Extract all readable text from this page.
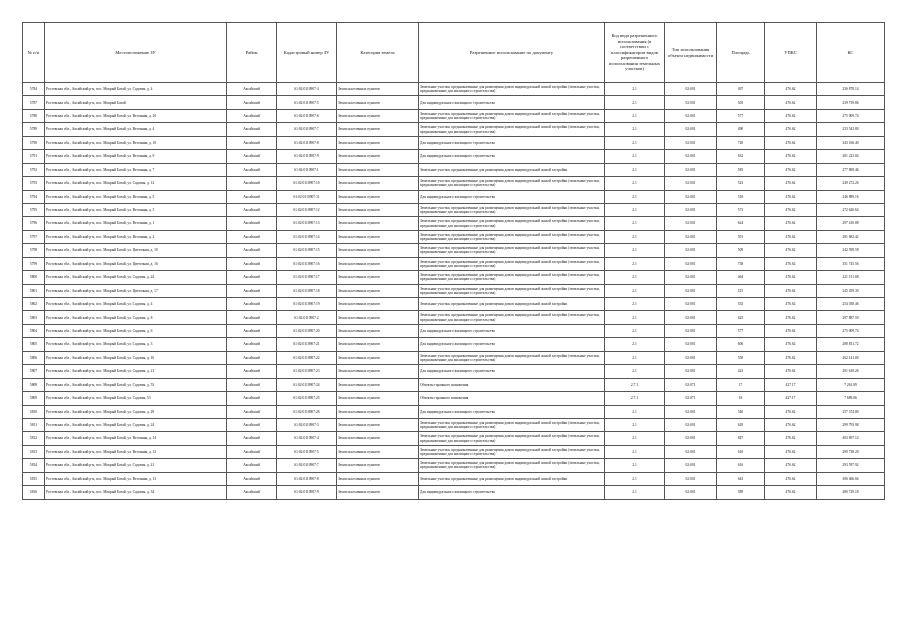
№ п/п	Местоположение ЗУ	Район	Кадастровый номер ЗУ	Категория земель	Разрешенное использование по документу	Код вида разрешенного использования (в соответствии с классификатором видов разрешенного использования земельных участков)	Тип использования объекта недвижимости	Площадь	УПКС	КС
5784	Ростовская обл., Аксайский р-н, пос. Мокрый Батай, ул. Садовая, д. 4	Аксайский	61:02:0110907:4	Земли населенных пунктов	Земельные участки, предназначенные для размещения домов индивидуальной жилой застройки (земельные участки, предназначенные для жилищного строительства)	2.1	02:001	497	476.62	236 878.14
5787	Ростовская обл., Аксайский р-н, пос. Мокрый Батай	Аксайский	61:02:0110907:5	Земли населенных пунктов	Для индивидуального жилищного строительства	2.1	02:001	503	476.62	239 739.86
5788	Ростовская обл., Аксайский р-н, пос. Мокрый Батай, ул. Весенняя, д. 2б	Аксайский	61:02:0110907:6	Земли населенных пунктов	Земельные участки, предназначенные для размещения домов индивидуальной жилой застройки (земельные участки, предназначенные для жилищного строительства)	2.1	02:001	577	476.62	275 009.74
5789	Ростовская обл., Аксайский р-н, пос. Мокрый Батай, ул. Весенняя, д. 4	Аксайский	61:02:0110907:7	Земли населенных пунктов	Земельные участки, предназначенные для размещения домов индивидуальной жилой застройки (земельные участки, предназначенные для жилищного строительства)	2.1	02:001	490	476.62	233 543.80
5790	Ростовская обл., Аксайский р-н, пос. Мокрый Батай, ул. Весенняя, д. 10	Аксайский	61:02:0110907:8	Земли населенных пунктов	Для индивидуального жилищного строительства	2.1	02:001	720	476.62	343 166.40
5791	Ростовская обл., Аксайский р-н, пос. Мокрый Батай, ул. Весенняя, д. 9	Аксайский	61:02:0110907:9	Земли населенных пунктов	Для индивидуального жилищного строительства	2.1	02:001	632	476.62	301 223.84
5792	Ростовская обл., Аксайский р-н, пос. Мокрый Батай, ул. Весенняя, д. 7	Аксайский	61:02:0110907:1	Земли населенных пунктов	Земельные участки, предназначенные для размещения домов индивидуальной жилой застройки	2.1	02:001	583	476.62	277 869.46
5793	Ростовская обл., Аксайский р-н, пос. Мокрый Батай, ул. Садовая, д. 12	Аксайский	61:02:0110907:10	Земли населенных пунктов	Земельные участки, предназначенные для размещения домов индивидуальной жилой застройки (земельные участки, предназначенные для жилищного строительства)	2.1	02:001	523	476.62	249 272.26
5794	Ростовская обл., Аксайский р-н, пос. Мокрый Батай, ул. Весенняя, д. 5	Аксайский	61:02:0110907:11	Земли населенных пунктов	Для индивидуального жилищного строительства	2.1	02:001	518	476.62	246 889.16
5795	Ростовская обл., Аксайский р-н, пос. Мокрый Батай, ул. Весенняя, д. 3	Аксайский	61:02:0110907:12	Земли населенных пунктов	Земельные участки, предназначенные для размещения домов индивидуальной жилой застройки (земельные участки, предназначенные для жилищного строительства)	2.1	02:001	572	476.62	272 626.64
5796	Ростовская обл., Аксайский р-н, пос. Мокрый Батай, ул. Весенняя, д. 1	Аксайский	61:02:0110907:13	Земли населенных пунктов	Земельные участки, предназначенные для размещения домов индивидуальной жилой застройки (земельные участки, предназначенные для жилищного строительства)	2.1	02:001	624	476.62	297 410.88
5797	Ростовская обл., Аксайский р-н, пос. Мокрый Батай, ул. Весенняя, д. 2	Аксайский	61:02:0110907:14	Земли населенных пунктов	Земельные участки, предназначенные для размещения домов индивидуальной жилой застройки (земельные участки, предназначенные для жилищного строительства)	2.1	02:001	591	476.62	281 682.42
5798	Ростовская обл., Аксайский р-н, пос. Мокрый Батай, ул. Цветочная, д. 10	Аксайский	61:02:0110907:15	Земли населенных пунктов	Земельные участки, предназначенные для размещения домов индивидуальной жилой застройки (земельные участки, предназначенные для жилищного строительства)	2.1	02:001	509	476.62	242 599.58
5799	Ростовская обл., Аксайский р-н, пос. Мокрый Батай, ул. Цветочная, д. 16	Аксайский	61:02:0110907:16	Земли населенных пунктов	Земельные участки, предназначенные для размещения домов индивидуальной жилой застройки (земельные участки, предназначенные для жилищного строительства)	2.1	02:001	738	476.62	351 745.56
5800	Ростовская обл., Аксайский р-н, пос. Мокрый Батай, ул. Садовая, д. 24	Аксайский	61:02:0110907:17	Земли населенных пунктов	Земельные участки, предназначенные для размещения домов индивидуальной жилой застройки (земельные участки, предназначенные для жилищного строительства)	2.1	02:001	464	476.62	221 151.68
5801	Ростовская обл., Аксайский р-н, пос. Мокрый Батай, ул. Цветочная, д. 17	Аксайский	61:02:0110907:18	Земли населенных пунктов	Земельные участки, предназначенные для размещения домов индивидуальной жилой застройки (земельные участки, предназначенные для жилищного строительства)	2.1	02:001	515	476.62	245 459.30
5802	Ростовская обл., Аксайский р-н, пос. Мокрый Батай, ул. Садовая, д. 4	Аксайский	61:02:0110907:19	Земли населенных пунктов	Земельные участки, предназначенные для размещения домов индивидуальной жилой застройки	2.1	02:001	533	476.62	254 038.46
5803	Ростовская обл., Аксайский р-н, пос. Мокрый Батай, ул. Садовая, д. 8	Аксайский	61:02:0110907:2	Земли населенных пунктов	Земельные участки, предназначенные для размещения домов индивидуальной жилой застройки (земельные участки, предназначенные для жилищного строительства)	2.1	02:001	625	476.62	297 887.50
5804	Ростовская обл., Аксайский р-н, пос. Мокрый Батай, ул. Садовая, д. 6	Аксайский	61:02:0110907:20	Земли населенных пунктов	Для индивидуального жилищного строительства	2.1	02:001	577	476.62	275 009.74
5805	Ростовская обл., Аксайский р-н, пос. Мокрый Батай, ул. Садовая, д. 3	Аксайский	61:02:0110907:21	Земли населенных пунктов	Для индивидуального жилищного строительства	2.1	02:001	606	476.62	288 831.72
5806	Ростовская обл., Аксайский р-н, пос. Мокрый Батай, ул. Садовая, д. 16	Аксайский	61:02:0110907:22	Земли населенных пунктов	Земельные участки, предназначенные для размещения домов индивидуальной жилой застройки (земельные участки, предназначенные для жилищного строительства)	2.1	02:001	550	476.62	262 141.00
5807	Ростовская обл., Аксайский р-н, пос. Мокрый Батай, ул. Садовая, д. 21	Аксайский	61:02:0110907:23	Земли населенных пунктов	Для индивидуального жилищного строительства	2.1	02:001	423	476.62	201 610.26
5808	Ростовская обл., Аксайский р-н, пос. Мокрый Батай, ул. Садовая, д. 53	Аксайский	61:02:0110907:24	Земли населенных пунктов	Объекты гаражного назначения	2.7.1	02:071	17	427.17	7 261.89
5809	Ростовская обл., Аксайский р-н, пос. Мокрый Батай, ул. Садовая, 53	Аксайский	61:02:0110907:25	Земли населенных пунктов	Объекты гаражного назначения	2.7.1	02:071	18	427.17	7 689.06
5810	Ростовская обл., Аксайский р-н, пос. Мокрый Батай, ул. Садовая, д. 29	Аксайский	61:02:0110907:26	Земли населенных пунктов	Для индивидуального жилищного строительства	2.1	02:001	540	476.62	257 374.80
5811	Ростовская обл., Аксайский р-н, пос. Мокрый Батай, ул. Садовая, д. 24	Аксайский	61:02:0110907:3	Земли населенных пунктов	Земельные участки, предназначенные для размещения домов индивидуальной жилой застройки (земельные участки, предназначенные для жилищного строительства)	2.1	02:001	629	476.62	299 793.98
5812	Ростовская обл., Аксайский р-н, пос. Мокрый Батай, ул. Весенняя, д. 14	Аксайский	61:02:0110907:4	Земли населенных пунктов	Земельные участки, предназначенные для размещения домов индивидуальной жилой застройки (земельные участки, предназначенные для жилищного строительства)	2.1	02:001	847	476.62	403 697.14
5813	Ростовская обл., Аксайский р-н, пос. Мокрый Батай, ул. Весенняя, д. 12	Аксайский	61:02:0110907:5	Земли населенных пунктов	Земельные участки, предназначенные для размещения домов индивидуальной жилой застройки (земельные участки, предназначенные для жилищного строительства)	2.1	02:001	610	476.62	290 738.20
5814	Ростовская обл., Аксайский р-н, пос. Мокрый Батай, ул. Садовая, д. 41	Аксайский	61:02:0110907:7	Земли населенных пунктов	Земельные участки, предназначенные для размещения домов индивидуальной жилой застройки (земельные участки, предназначенные для жилищного строительства)	2.1	02:001	616	476.62	293 597.92
5815	Ростовская обл., Аксайский р-н, пос. Мокрый Батай, ул. Весенняя, д. 13	Аксайский	61:02:0110907:8	Земли населенных пунктов	Земельные участки, предназначенные для размещения домов индивидуальной жилой застройки	2.1	02:001	643	476.62	306 466.66
5816	Ростовская обл., Аксайский р-н, пос. Мокрый Батай, ул. Садовая, д. 34	Аксайский	61:02:0110907:9	Земли населенных пунктов	Для индивидуального жилищного строительства	2.1	02:001	589	476.62	280 729.18
